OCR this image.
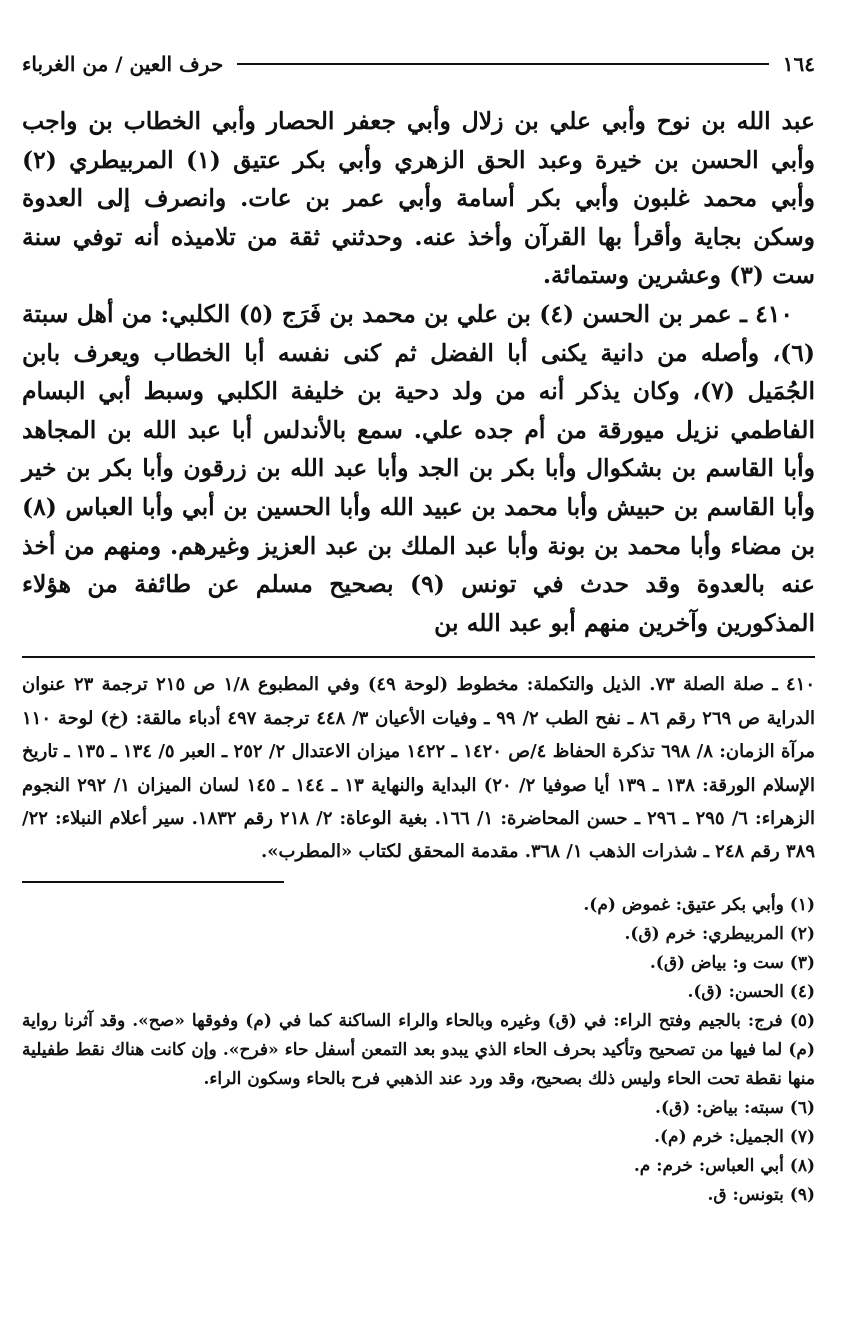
١٦٤
حرف العين / من الغرباء

عبد الله بن نوح وأبي علي بن زلال وأبي جعفر الحصار وأبي الخطاب بن واجب وأبي الحسن بن خيرة وعبد الحق الزهري وأبي بكر عتيق (١) المربيطري (٢) وأبي محمد غلبون وأبي بكر أسامة وأبي عمر بن عات. وانصرف إلى العدوة وسكن بجاية وأقرأ بها القرآن وأخذ عنه. وحدثني ثقة من تلاميذه أنه توفي سنة ست (٣) وعشرين وستمائة.

٤١٠ ـ عمر بن الحسن (٤) بن علي بن محمد بن فَرَج (٥) الكلبي: من أهل سبتة (٦)، وأصله من دانية يكنى أبا الفضل ثم كنى نفسه أبا الخطاب ويعرف بابن الجُمَيل (٧)، وكان يذكر أنه من ولد دحية بن خليفة الكلبي وسبط أبي البسام الفاطمي نزيل ميورقة من أم جده علي. سمع بالأندلس أبا عبد الله بن المجاهد وأبا القاسم بن بشكوال وأبا بكر بن الجد وأبا عبد الله بن زرقون وأبا بكر بن خير وأبا القاسم بن حبيش وأبا محمد بن عبيد الله وأبا الحسين بن أبي وأبا العباس (٨) بن مضاء وأبا محمد بن بونة وأبا عبد الملك بن عبد العزيز وغيرهم. ومنهم من أخذ عنه بالعدوة وقد حدث في تونس (٩) بصحيح مسلم عن طائفة من هؤلاء المذكورين وآخرين منهم أبو عبد الله بن

٤١٠ ـ صلة الصلة ٧٣. الذيل والتكملة: مخطوط (لوحة ٤٩) وفي المطبوع ١/٨ ص ٢١٥ ترجمة ٢٣ عنوان الدراية ص ٢٦٩ رقم ٨٦ ـ نفح الطب ٢/ ٩٩ ـ وفيات الأعيان ٣/ ٤٤٨ ترجمة ٤٩٧ أدباء مالقة: (خ) لوحة ١١٠ مرآة الزمان: ٨/ ٦٩٨ تذكرة الحفاظ ٤/ص ١٤٢٠ ـ ١٤٢٢ ميزان الاعتدال ٢/ ٢٥٢ ـ العبر ٥/ ١٣٤ ـ ١٣٥ ـ تاريخ الإسلام الورقة: ١٣٨ ـ ١٣٩ أيا صوفيا ٢/ ٢٠) البداية والنهاية ١٣ ـ ١٤٤ ـ ١٤٥ لسان الميزان ١/ ٢٩٢ النجوم الزهراء: ٦/ ٢٩٥ ـ ٢٩٦ ـ حسن المحاضرة: ١/ ١٦٦. بغية الوعاة: ٢/ ٢١٨ رقم ١٨٣٢. سير أعلام النبلاء: ٢٢/ ٣٨٩ رقم ٢٤٨ ـ شذرات الذهب ١/ ٣٦٨. مقدمة المحقق لكتاب «المطرب».

(١) وأبي بكر عتيق: غموض (م).

(٢) المربيطري: خرم (ق).

(٣) ست و: بياض (ق).

(٤) الحسن: (ق).

(٥) فرج: بالجيم وفتح الراء: في (ق) وغيره وبالحاء والراء الساكنة كما في (م) وفوقها «صح». وقد آثرنا رواية (م) لما فيها من تصحيح وتأكيد بحرف الحاء الذي يبدو بعد التمعن أسفل حاء «فرح». وإن كانت هناك نقط طفيلية منها نقطة تحت الحاء وليس ذلك بصحيح، وقد ورد عند الذهبي فرح بالحاء وسكون الراء.

(٦) سبته: بياض: (ق).

(٧) الجميل: خرم (م).

(٨) أبي العباس: خرم: م.

(٩) بتونس: ق.
